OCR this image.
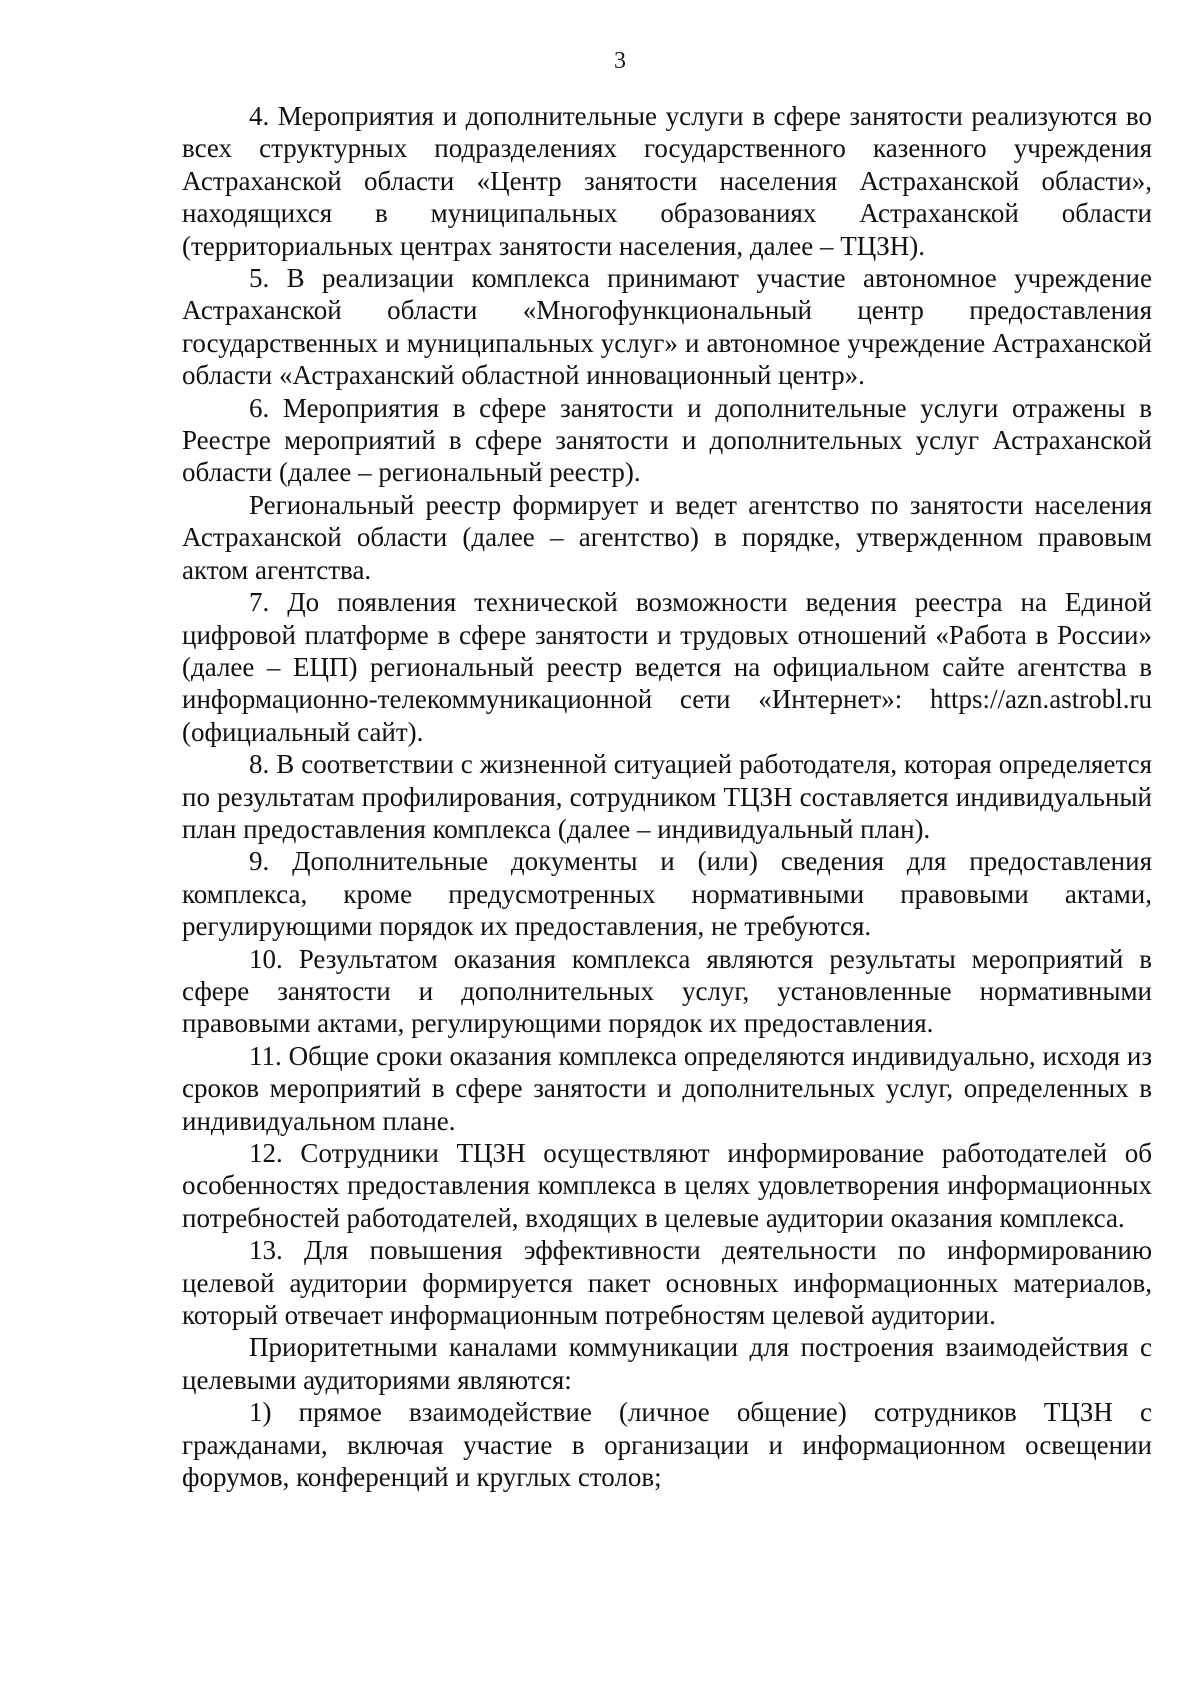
3

4. Мероприятия и дополнительные услуги в сфере занятости реализуются во всех структурных подразделениях государственного казенного учреждения Астраханской области «Центр занятости населения Астраханской области», находящихся в муниципальных образованиях Астраханской области (территориальных центрах занятости населения, далее – ТЦЗН).

5. В реализации комплекса принимают участие автономное учреждение Астраханской области «Многофункциональный центр предоставления государственных и муниципальных услуг» и автономное учреждение Астраханской области «Астраханский областной инновационный центр».

6. Мероприятия в сфере занятости и дополнительные услуги отражены в Реестре мероприятий в сфере занятости и дополнительных услуг Астраханской области (далее – региональный реестр).

Региональный реестр формирует и ведет агентство по занятости населения Астраханской области (далее – агентство) в порядке, утвержденном правовым актом агентства.

7. До появления технической возможности ведения реестра на Единой цифровой платформе в сфере занятости и трудовых отношений «Работа в России» (далее – ЕЦП) региональный реестр ведется на официальном сайте агентства в информационно-телекоммуникационной сети «Интернет»: https://azn.astrobl.ru (официальный сайт).

8. В соответствии с жизненной ситуацией работодателя, которая определяется по результатам профилирования, сотрудником ТЦЗН составляется индивидуальный план предоставления комплекса (далее – индивидуальный план).

9. Дополнительные документы и (или) сведения для предоставления комплекса, кроме предусмотренных нормативными правовыми актами, регулирующими порядок их предоставления, не требуются.

10. Результатом оказания комплекса являются результаты мероприятий в сфере занятости и дополнительных услуг, установленные нормативными правовыми актами, регулирующими порядок их предоставления.

11. Общие сроки оказания комплекса определяются индивидуально, исходя из сроков мероприятий в сфере занятости и дополнительных услуг, определенных в индивидуальном плане.

12. Сотрудники ТЦЗН осуществляют информирование работодателей об особенностях предоставления комплекса в целях удовлетворения информационных потребностей работодателей, входящих в целевые аудитории оказания комплекса.

13. Для повышения эффективности деятельности по информированию целевой аудитории формируется пакет основных информационных материалов, который отвечает информационным потребностям целевой аудитории.

Приоритетными каналами коммуникации для построения взаимодействия с целевыми аудиториями являются:

1) прямое взаимодействие (личное общение) сотрудников ТЦЗН с гражданами, включая участие в организации и информационном освещении форумов, конференций и круглых столов;
